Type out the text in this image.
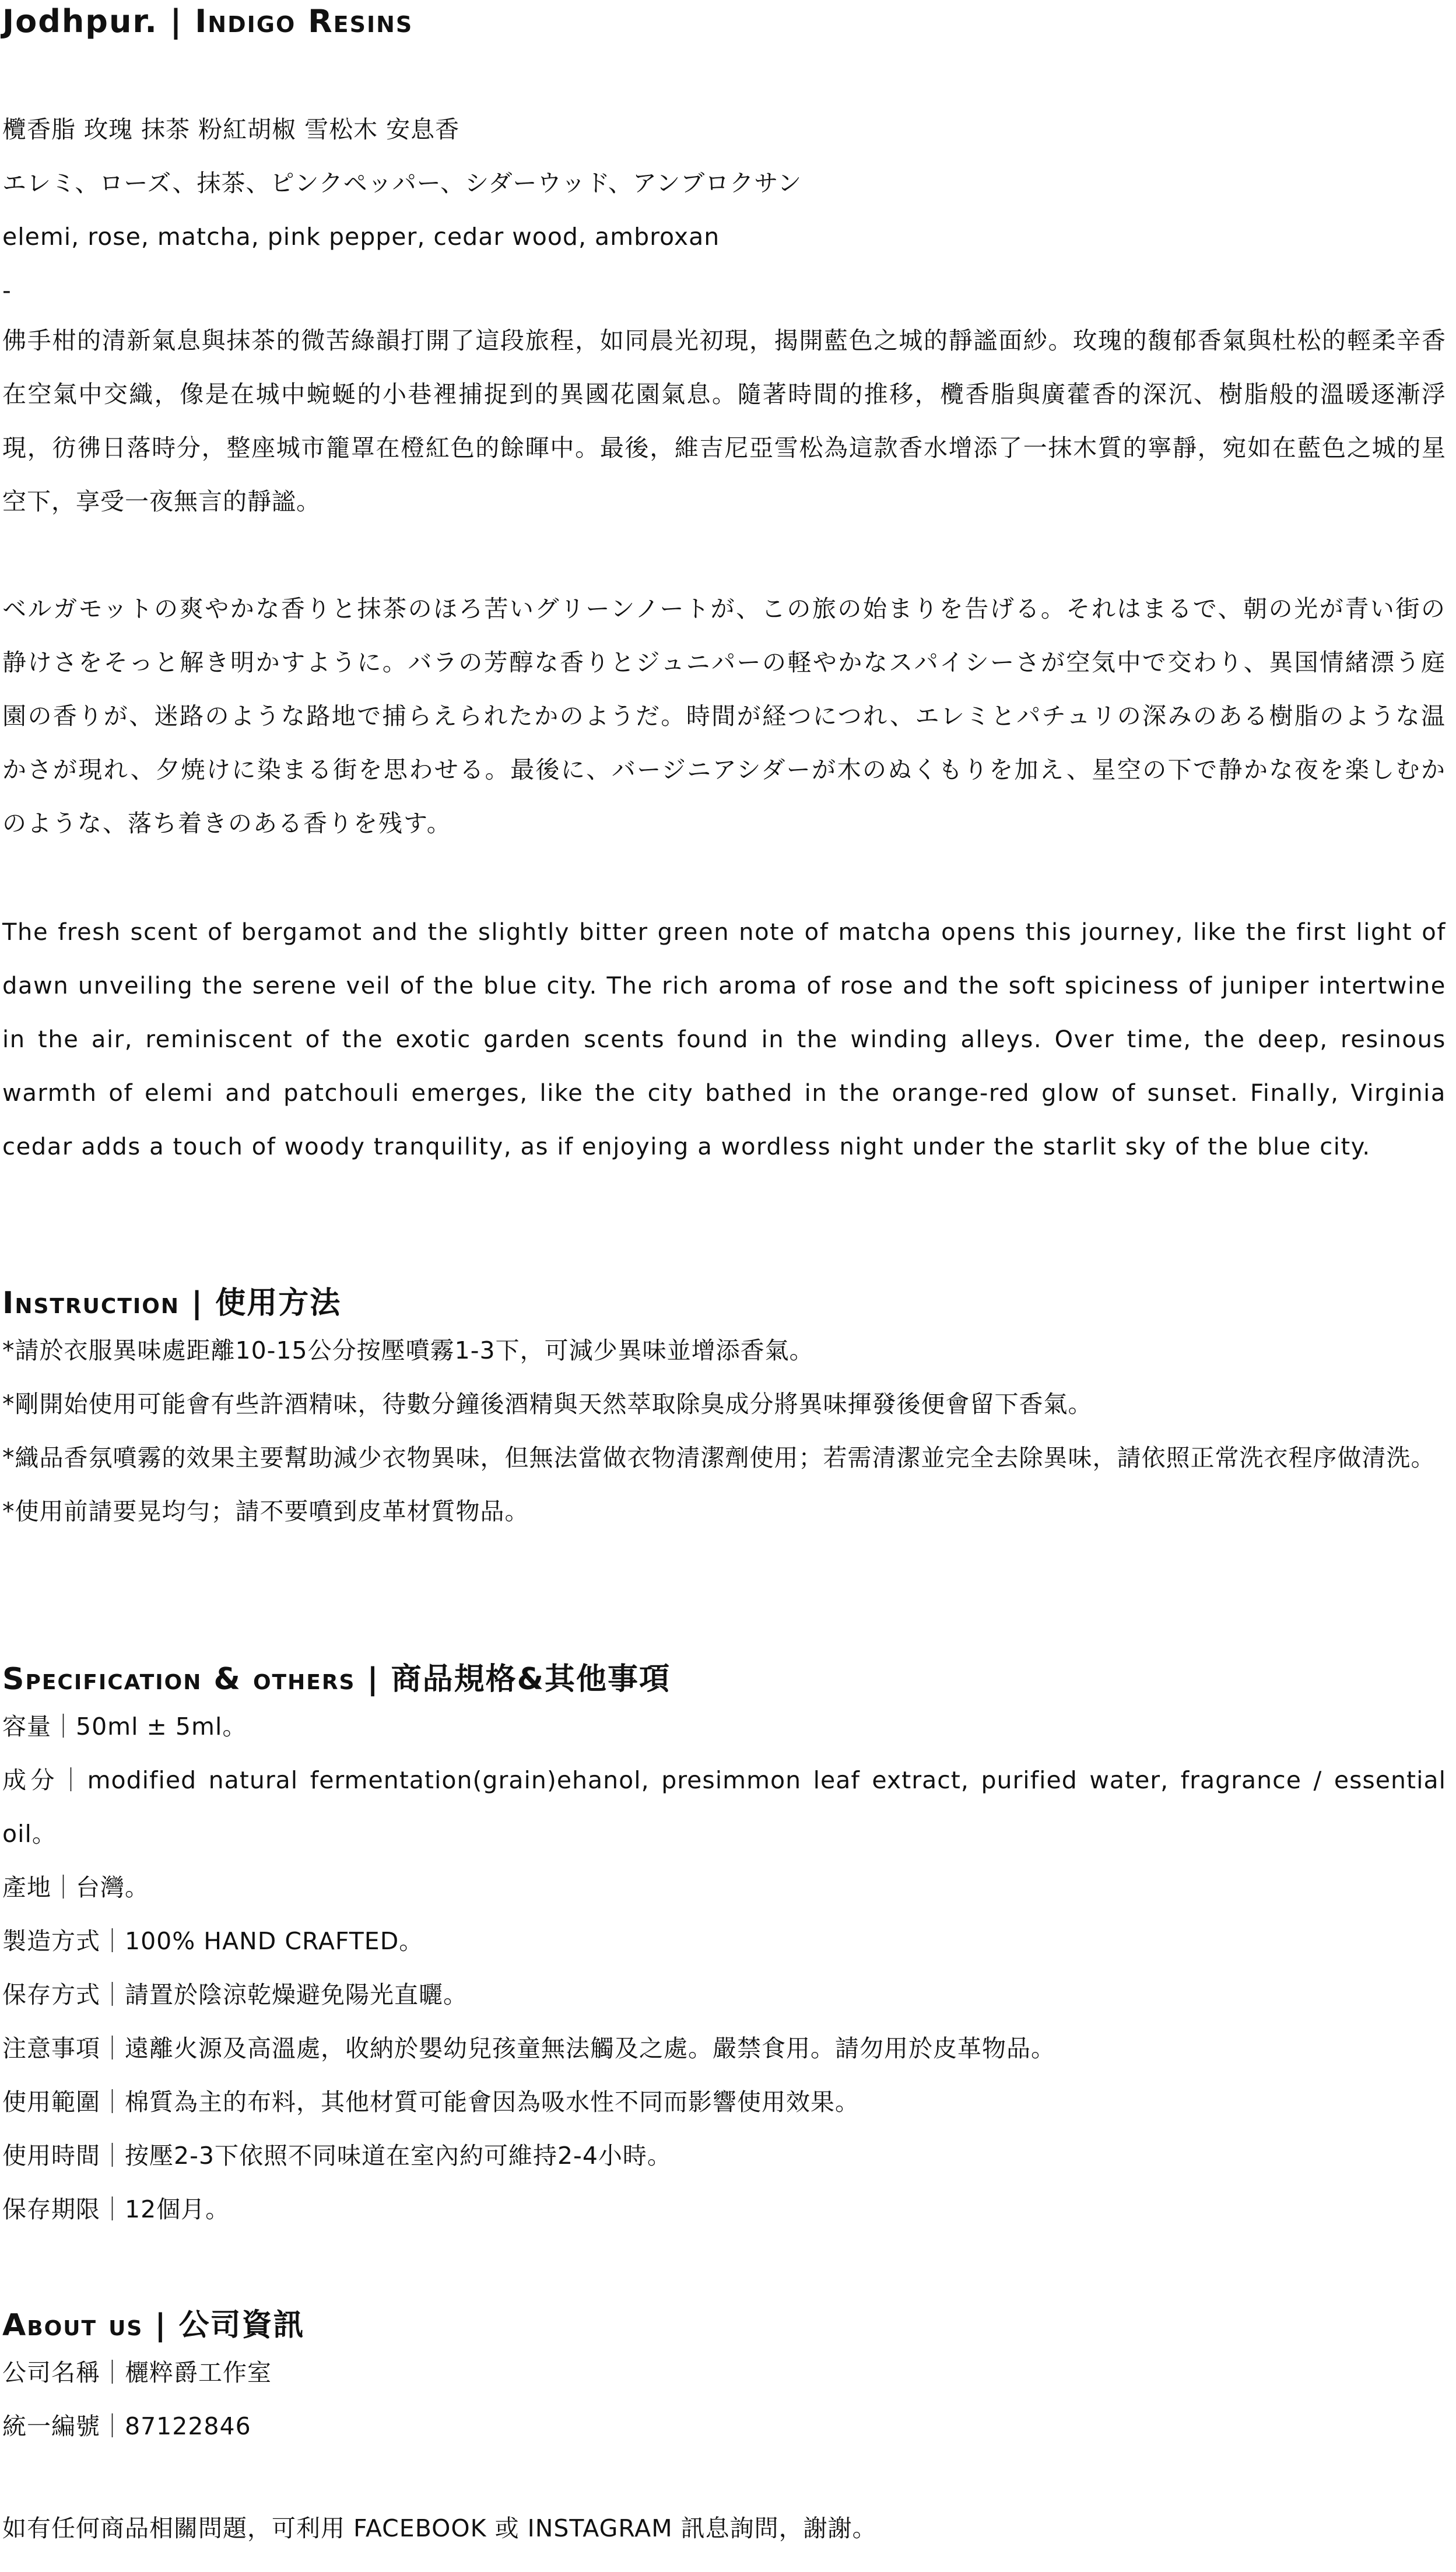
Jodhpur. | Indigo Resins
欖香脂 玫瑰 抹茶 粉紅胡椒 雪松木 安息香
エレミ、ローズ、抹茶、ピンクペッパー、シダーウッド、アンブロクサン
elemi, rose, matcha, pink pepper, cedar wood, ambroxan
-

佛手柑的清新氣息與抹茶的微苦綠韻打開了這段旅程，如同晨光初現，揭開藍色之城的靜謐面紗。玫瑰的馥郁香氣與杜松的輕柔辛香在空氣中交織，像是在城中蜿蜒的小巷裡捕捉到的異國花園氣息。隨著時間的推移，欖香脂與廣藿香的深沉、樹脂般的溫暖逐漸浮現，彷彿日落時分，整座城市籠罩在橙紅色的餘暉中。最後，維吉尼亞雪松為這款香水增添了一抹木質的寧靜，宛如在藍色之城的星空下，享受一夜無言的靜謐。

ベルガモットの爽やかな香りと抹茶のほろ苦いグリーンノートが、この旅の始まりを告げる。それはまるで、朝の光が青い街の静けさをそっと解き明かすように。バラの芳醇な香りとジュニパーの軽やかなスパイシーさが空気中で交わり、異国情緒漂う庭園の香りが、迷路のような路地で捕らえられたかのようだ。時間が経つにつれ、エレミとパチュリの深みのある樹脂のような温かさが現れ、夕焼けに染まる街を思わせる。最後に、バージニアシダーが木のぬくもりを加え、星空の下で静かな夜を楽しむかのような、落ち着きのある香りを残す。

The fresh scent of bergamot and the slightly bitter green note of matcha opens this journey, like the first light of dawn unveiling the serene veil of the blue city. The rich aroma of rose and the soft spiciness of juniper intertwine in the air, reminiscent of the exotic garden scents found in the winding alleys. Over time, the deep, resinous warmth of elemi and patchouli emerges, like the city bathed in the orange-red glow of sunset. Finally, Virginia cedar adds a touch of woody tranquility, as if enjoying a wordless night under the starlit sky of the blue city.

Instruction | 使用方法
*請於衣服異味處距離10-15公分按壓噴霧1-3下，可減少異味並增添香氣。
*剛開始使用可能會有些許酒精味，待數分鐘後酒精與天然萃取除臭成分將異味揮發後便會留下香氣。
*織品香氛噴霧的效果主要幫助減少衣物異味，但無法當做衣物清潔劑使用；若需清潔並完全去除異味，請依照正常洗衣程序做清洗。
*使用前請要晃均勻；請不要噴到皮革材質物品。
Specification & others | 商品規格&其他事項
容量｜50ml ± 5ml。
成分｜modified natural fermentation(grain)ehanol, presimmon leaf extract, purified water, fragrance / essential oil。
產地｜台灣。
製造方式｜100% HAND CRAFTED。
保存方式｜請置於陰涼乾燥避免陽光直曬。
注意事項｜遠離火源及高溫處，收納於嬰幼兒孩童無法觸及之處。嚴禁食用。請勿用於皮革物品。
使用範圍｜棉質為主的布料，其他材質可能會因為吸水性不同而影響使用效果。
使用時間｜按壓2-3下依照不同味道在室內約可維持2-4小時。
保存期限｜12個月。
About us | 公司資訊
公司名稱｜欐粹爵工作室
統一編號｜87122846
如有任何商品相關問題，可利用 FACEBOOK 或 INSTAGRAM 訊息詢問，謝謝。
